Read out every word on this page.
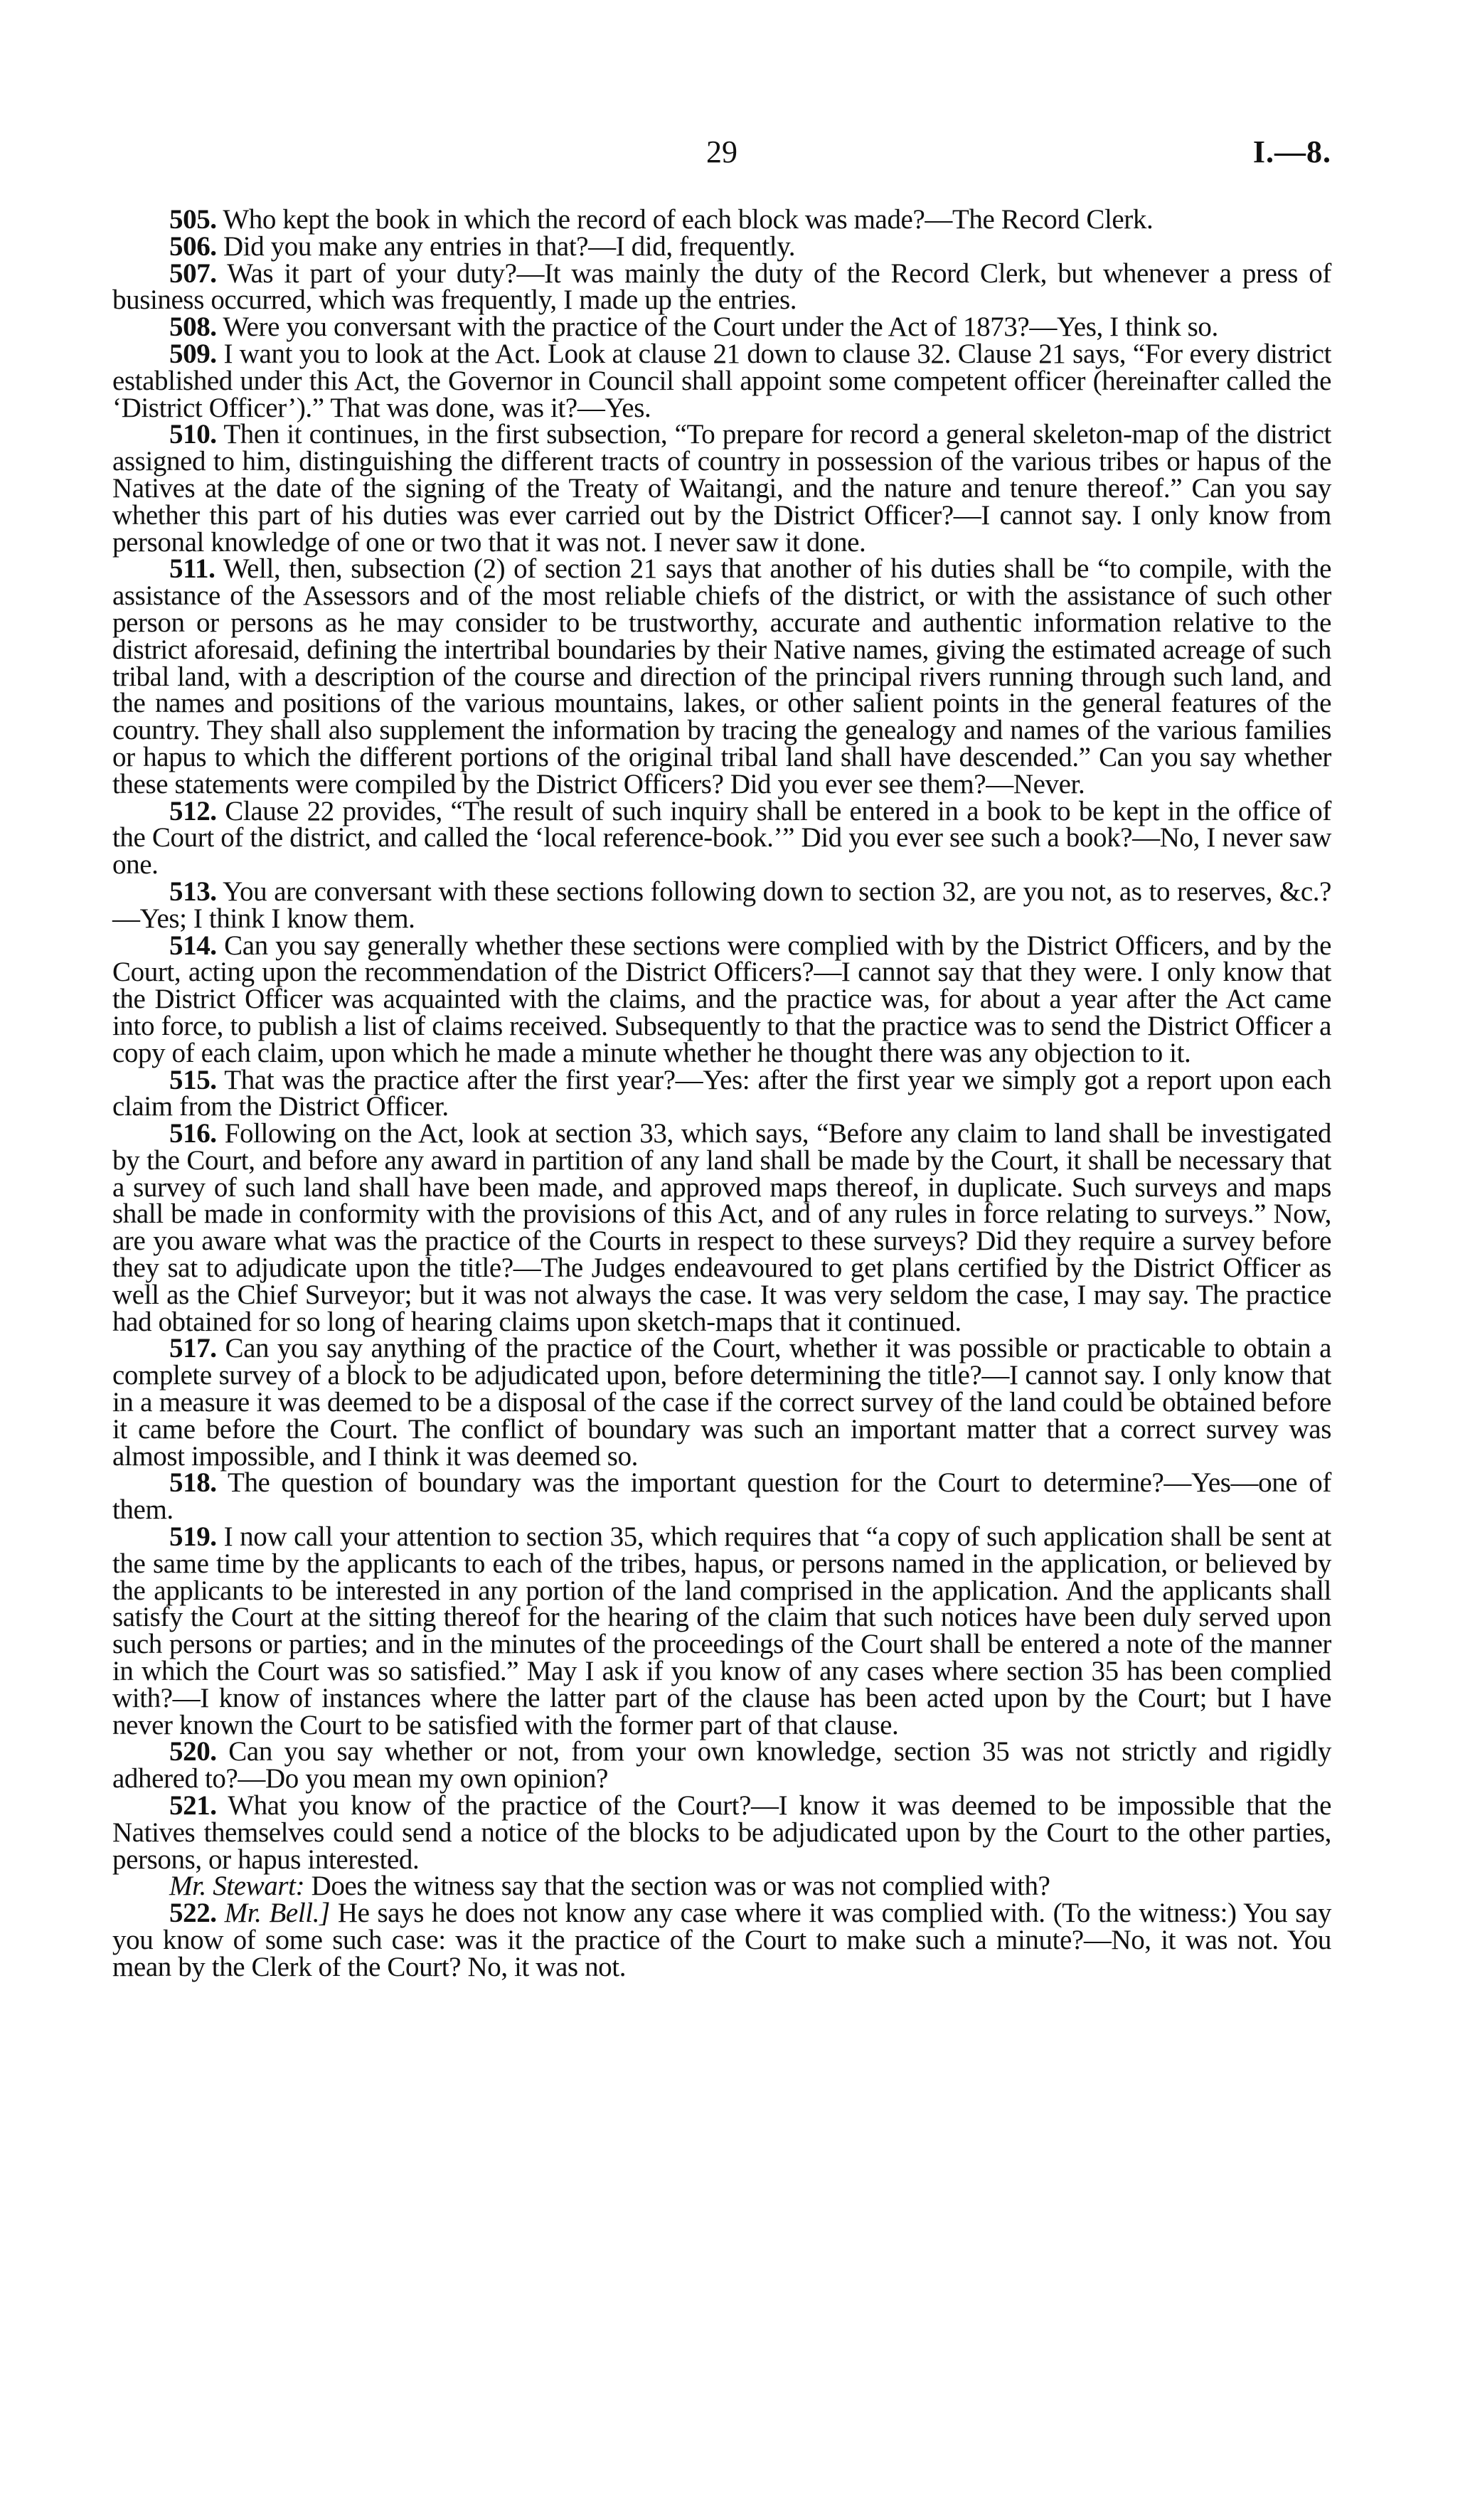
29	I.—8.

505. Who kept the book in which the record of each block was made?—The Record Clerk.

506. Did you make any entries in that?—I did, frequently.

507. Was it part of your duty?—It was mainly the duty of the Record Clerk, but whenever a press of business occurred, which was frequently, I made up the entries.

508. Were you conversant with the practice of the Court under the Act of 1873?—Yes, I think so.

509. I want you to look at the Act. Look at clause 21 down to clause 32. Clause 21 says, “For every district established under this Act, the Governor in Council shall appoint some competent officer (hereinafter called the ‘District Officer’).” That was done, was it?—Yes.

510. Then it continues, in the first subsection, “To prepare for record a general skeleton-map of the district assigned to him, distinguishing the different tracts of country in possession of the various tribes or hapus of the Natives at the date of the signing of the Treaty of Waitangi, and the nature and tenure thereof.” Can you say whether this part of his duties was ever carried out by the District Officer?—I cannot say. I only know from personal knowledge of one or two that it was not. I never saw it done.

511. Well, then, subsection (2) of section 21 says that another of his duties shall be “to compile, with the assistance of the Assessors and of the most reliable chiefs of the district, or with the assistance of such other person or persons as he may consider to be trustworthy, accurate and authentic information relative to the district aforesaid, defining the intertribal boundaries by their Native names, giving the estimated acreage of such tribal land, with a description of the course and direction of the principal rivers running through such land, and the names and positions of the various mountains, lakes, or other salient points in the general features of the country. They shall also supplement the information by tracing the genealogy and names of the various families or hapus to which the different portions of the original tribal land shall have descended.” Can you say whether these statements were compiled by the District Officers? Did you ever see them?—Never.

512. Clause 22 provides, “The result of such inquiry shall be entered in a book to be kept in the office of the Court of the district, and called the ‘local reference-book.’” Did you ever see such a book?—No, I never saw one.

513. You are conversant with these sections following down to section 32, are you not, as to reserves, &c.?—Yes; I think I know them.

514. Can you say generally whether these sections were complied with by the District Officers, and by the Court, acting upon the recommendation of the District Officers?—I cannot say that they were. I only know that the District Officer was acquainted with the claims, and the practice was, for about a year after the Act came into force, to publish a list of claims received. Subsequently to that the practice was to send the District Officer a copy of each claim, upon which he made a minute whether he thought there was any objection to it.

515. That was the practice after the first year?—Yes: after the first year we simply got a report upon each claim from the District Officer.

516. Following on the Act, look at section 33, which says, “Before any claim to land shall be investigated by the Court, and before any award in partition of any land shall be made by the Court, it shall be necessary that a survey of such land shall have been made, and approved maps thereof, in duplicate. Such surveys and maps shall be made in conformity with the provisions of this Act, and of any rules in force relating to surveys.” Now, are you aware what was the practice of the Courts in respect to these surveys? Did they require a survey before they sat to adjudicate upon the title?—The Judges endeavoured to get plans certified by the District Officer as well as the Chief Surveyor; but it was not always the case. It was very seldom the case, I may say. The practice had obtained for so long of hearing claims upon sketch-maps that it continued.

517. Can you say anything of the practice of the Court, whether it was possible or practicable to obtain a complete survey of a block to be adjudicated upon, before determining the title?—I cannot say. I only know that in a measure it was deemed to be a disposal of the case if the correct survey of the land could be obtained before it came before the Court. The conflict of boundary was such an important matter that a correct survey was almost impossible, and I think it was deemed so.

518. The question of boundary was the important question for the Court to determine?—Yes—one of them.

519. I now call your attention to section 35, which requires that “a copy of such application shall be sent at the same time by the applicants to each of the tribes, hapus, or persons named in the application, or believed by the applicants to be interested in any portion of the land comprised in the application. And the applicants shall satisfy the Court at the sitting thereof for the hearing of the claim that such notices have been duly served upon such persons or parties; and in the minutes of the proceedings of the Court shall be entered a note of the manner in which the Court was so satisfied.” May I ask if you know of any cases where section 35 has been complied with?—I know of instances where the latter part of the clause has been acted upon by the Court; but I have never known the Court to be satisfied with the former part of that clause.

520. Can you say whether or not, from your own knowledge, section 35 was not strictly and rigidly adhered to?—Do you mean my own opinion?

521. What you know of the practice of the Court?—I know it was deemed to be impossible that the Natives themselves could send a notice of the blocks to be adjudicated upon by the Court to the other parties, persons, or hapus interested.

Mr. Stewart: Does the witness say that the section was or was not complied with?

522. Mr. Bell.] He says he does not know any case where it was complied with. (To the witness:) You say you know of some such case: was it the practice of the Court to make such a minute?—No, it was not. You mean by the Clerk of the Court? No, it was not.
